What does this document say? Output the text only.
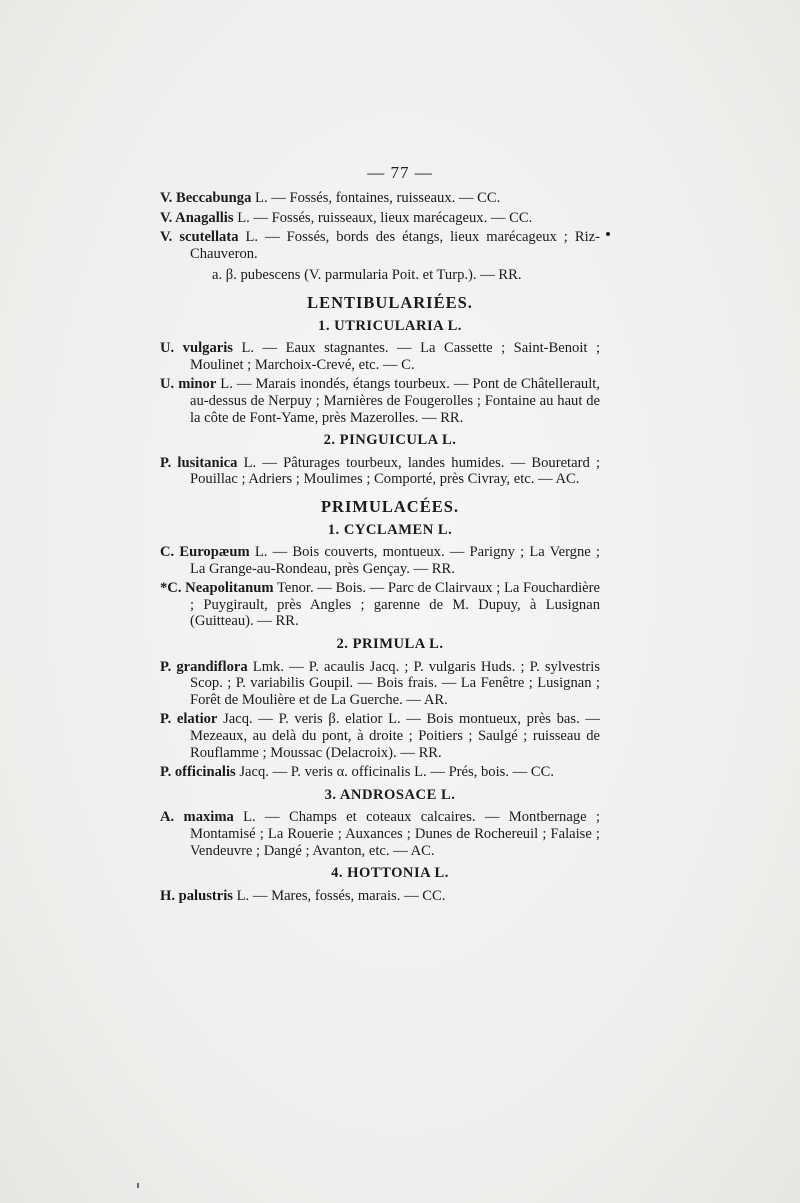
— 77 —

V. Beccabunga L. — Fossés, fontaines, ruisseaux. — CC.

V. Anagallis L. — Fossés, ruisseaux, lieux marécageux. — CC.

V. scutellata L. — Fossés, bords des étangs, lieux marécageux ; Riz-Chauveron.

a. β. pubescens (V. parmularia Poit. et Turp.). — RR.

LENTIBULARIÉES.
1. UTRICULARIA L.

U. vulgaris L. — Eaux stagnantes. — La Cassette ; Saint-Benoit ; Moulinet ; Marchoix-Crevé, etc. — C.

U. minor L. — Marais inondés, étangs tourbeux. — Pont de Châtellerault, au-dessus de Nerpuy ; Marnières de Fougerolles ; Fontaine au haut de la côte de Font-Yame, près Mazerolles. — RR.

2. PINGUICULA L.

P. lusitanica L. — Pâturages tourbeux, landes humides. — Bouretard ; Pouillac ; Adriers ; Moulimes ; Comporté, près Civray, etc. — AC.

PRIMULACÉES.
1. CYCLAMEN L.

C. Europæum L. — Bois couverts, montueux. — Parigny ; La Vergne ; La Grange-au-Rondeau, près Gençay. — RR.

*C. Neapolitanum Tenor. — Bois. — Parc de Clairvaux ; La Fouchardière ; Puygirault, près Angles ; garenne de M. Dupuy, à Lusignan (Guitteau). — RR.

2. PRIMULA L.

P. grandiflora Lmk. — P. acaulis Jacq. ; P. vulgaris Huds. ; P. sylvestris Scop. ; P. variabilis Goupil. — Bois frais. — La Fenêtre ; Lusignan ; Forêt de Moulière et de La Guerche. — AR.

P. elatior Jacq. — P. veris β. elatior L. — Bois montueux, près bas. — Mezeaux, au delà du pont, à droite ; Poitiers ; Saulgé ; ruisseau de Rouflamme ; Moussac (Delacroix). — RR.

P. officinalis Jacq. — P. veris α. officinalis L. — Prés, bois. — CC.

3. ANDROSACE L.

A. maxima L. — Champs et coteaux calcaires. — Montbernage ; Montamisé ; La Rouerie ; Auxances ; Dunes de Rochereuil ; Falaise ; Vendeuvre ; Dangé ; Avanton, etc. — AC.

4. HOTTONIA L.

H. palustris L. — Mares, fossés, marais. — CC.
